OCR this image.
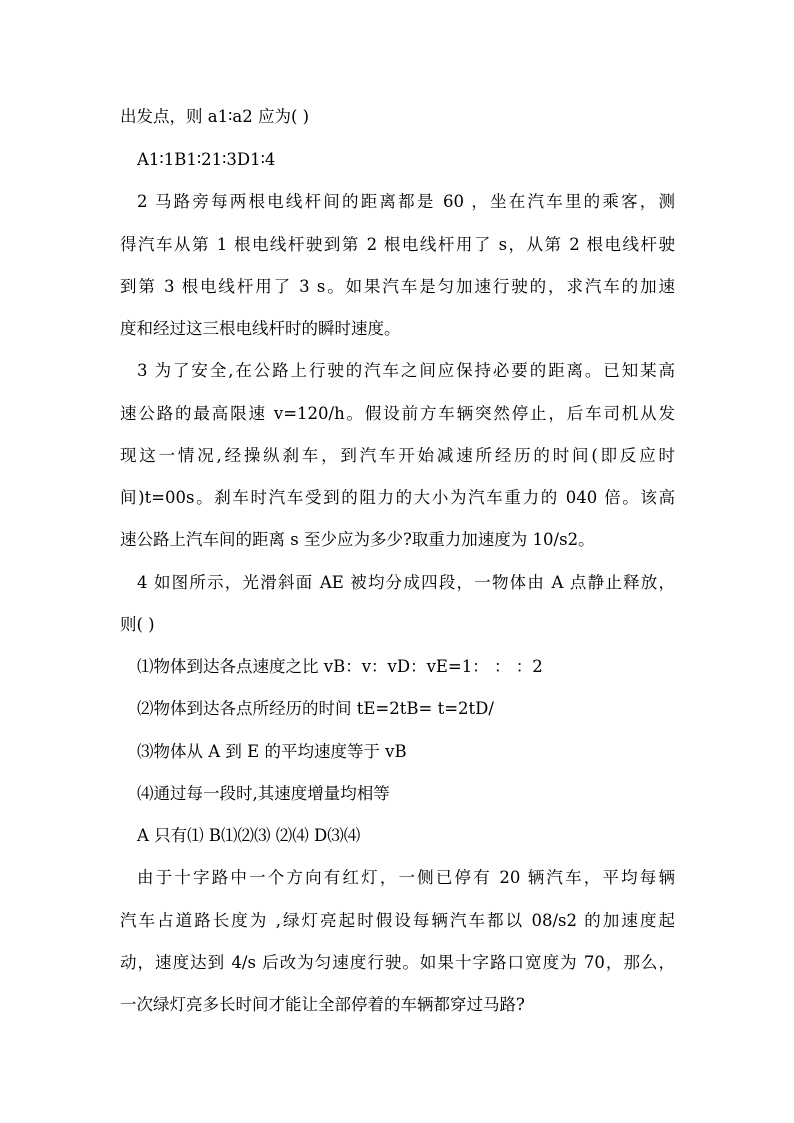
出发点，则 a1∶a2 应为( )
A1∶1B1∶21∶3D1∶4
2 马路旁每两根电线杆间的距离都是 60 ，坐在汽车里的乘客，测
得汽车从第 1 根电线杆驶到第 2 根电线杆用了 s，从第 2 根电线杆驶
到第 3 根电线杆用了 3 s。如果汽车是匀加速行驶的，求汽车的加速
度和经过这三根电线杆时的瞬时速度。
3 为了安全,在公路上行驶的汽车之间应保持必要的距离。已知某高
速公路的最高限速 v=120/h。假设前方车辆突然停止，后车司机从发
现这一情况,经操纵刹车，到汽车开始减速所经历的时间(即反应时
间)t=00s。刹车时汽车受到的阻力的大小为汽车重力的 040 倍。该高
速公路上汽车间的距离 s 至少应为多少?取重力加速度为 10/s2。
4 如图所示，光滑斜面 AE 被均分成四段，一物体由 A 点静止释放，
则( )
⑴物体到达各点速度之比 vB：v：vD：vE=1： ： ：2
⑵物体到达各点所经历的时间 tE=2tB= t=2tD/
⑶物体从 A 到 E 的平均速度等于 vB
⑷通过每一段时,其速度增量均相等
A 只有⑴ B⑴⑵⑶ ⑵⑷ D⑶⑷
由于十字路中一个方向有红灯，一侧已停有 20 辆汽车，平均每辆
汽车占道路长度为 ,绿灯亮起时假设每辆汽车都以 08/s2 的加速度起
动，速度达到 4/s 后改为匀速度行驶。如果十字路口宽度为 70，那么，
一次绿灯亮多长时间才能让全部停着的车辆都穿过马路?
